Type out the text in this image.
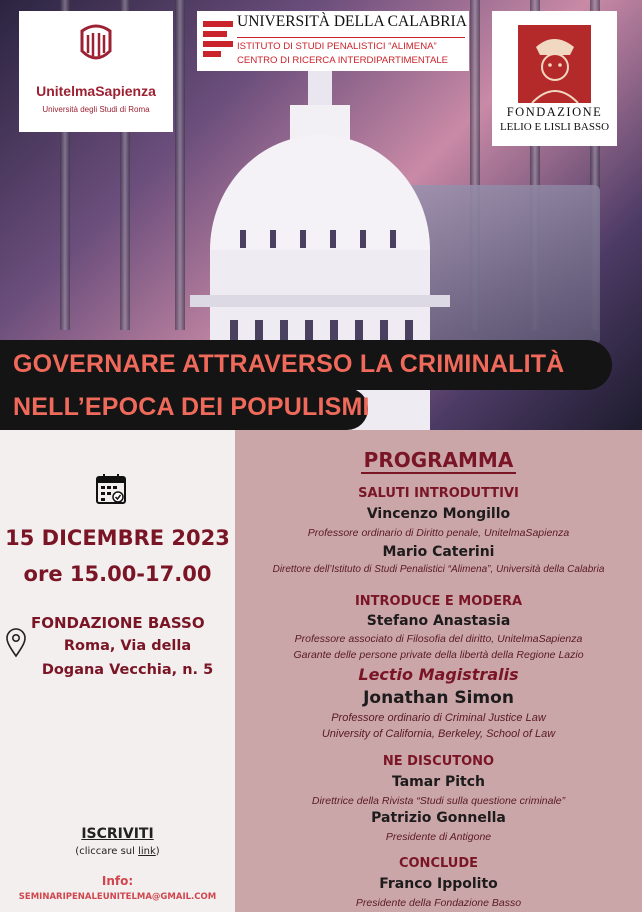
UnitelmaSapienza
Università degli Studi di Roma
UNIVERSITÀ DELLA CALABRIA
ISTITUTO DI STUDI PENALISTICI “ALIMENA”
CENTRO DI RICERCA INTERDIPARTIMENTALE
FONDAZIONE
LELIO E LISLI BASSO
GOVERNARE ATTRAVERSO LA CRIMINALITÀ
NELL’EPOCA DEI POPULISMI
15 DICEMBRE 2023
ore 15.00-17.00
FONDAZIONE BASSO
Roma, Via della
Dogana Vecchia, n. 5
ISCRIVITI
(cliccare sul link)
Info:
SEMINARIPENALEUNITELMA@GMAIL.COM
PROGRAMMA
SALUTI INTRODUTTIVI
Vincenzo Mongillo
Professore ordinario di Diritto penale, UnitelmaSapienza
Mario Caterini
Direttore dell’Istituto di Studi Penalistici “Alimena”, Università della Calabria
INTRODUCE E MODERA
Stefano Anastasia
Professore associato di Filosofia del diritto, UnitelmaSapienza
Garante delle persone private della libertà della Regione Lazio
Lectio Magistralis
Jonathan Simon
Professore ordinario di Criminal Justice Law
University of California, Berkeley, School of Law
NE DISCUTONO
Tamar Pitch
Direttrice della Rivista “Studi sulla questione criminale”
Patrizio Gonnella
Presidente di Antigone
CONCLUDE
Franco Ippolito
Presidente della Fondazione Basso
